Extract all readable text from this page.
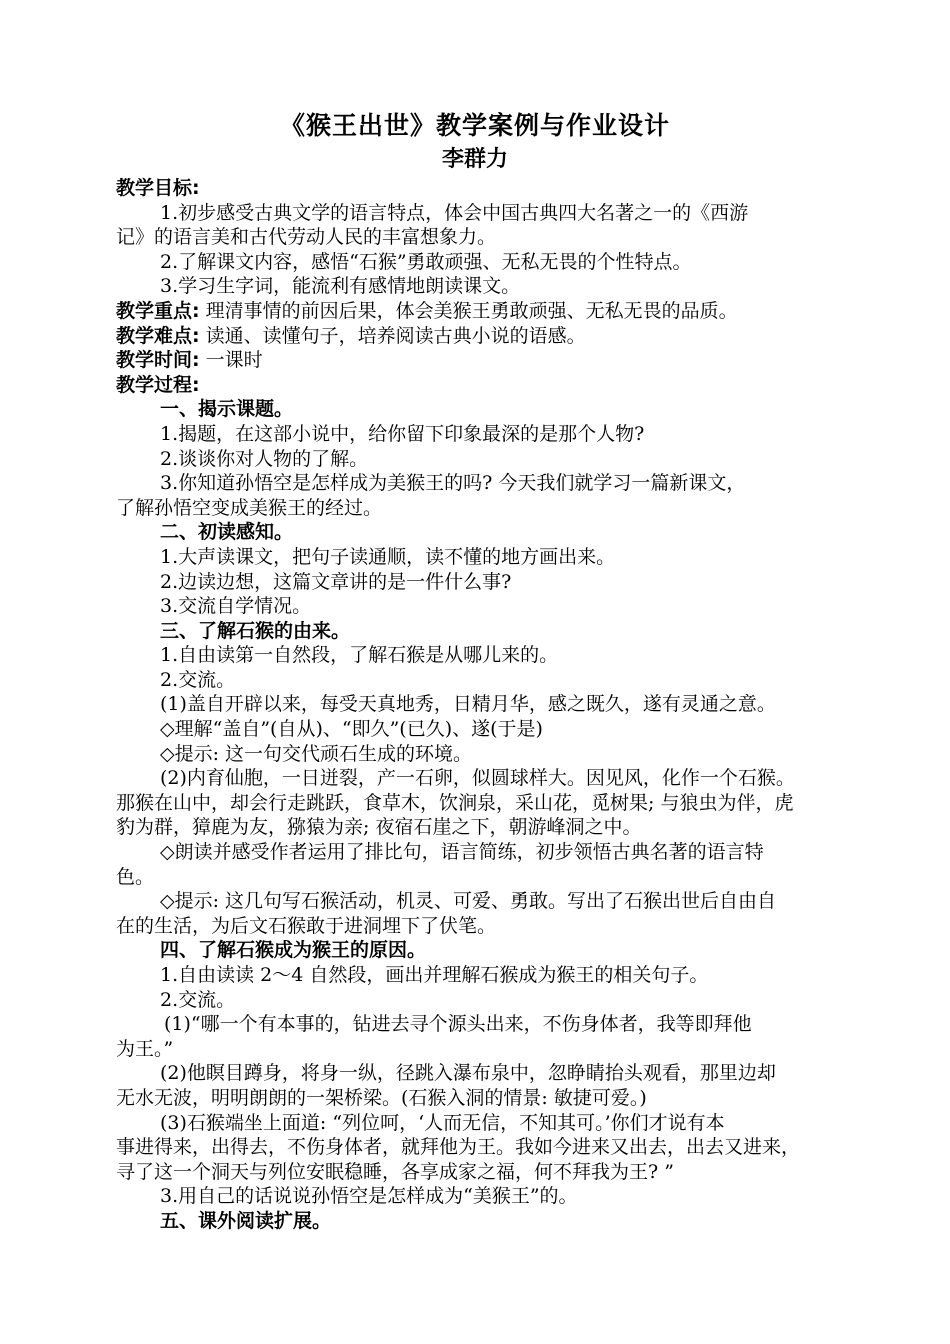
《猴王出世》教学案例与作业设计
李群力
教学目标:
1.初步感受古典文学的语言特点，体会中国古典四大名著之一的《西游
记》的语言美和古代劳动人民的丰富想象力。
2.了解课文内容，感悟“石猴”勇敢顽强、无私无畏的个性特点。
3.学习生字词，能流利有感情地朗读课文。
教学重点: 理清事情的前因后果，体会美猴王勇敢顽强、无私无畏的品质。
教学难点: 读通、读懂句子，培养阅读古典小说的语感。
教学时间: 一课时
教学过程:
一、揭示课题。
1.揭题，在这部小说中，给你留下印象最深的是那个人物?
2.谈谈你对人物的了解。
3.你知道孙悟空是怎样成为美猴王的吗? 今天我们就学习一篇新课文，
了解孙悟空变成美猴王的经过。
二、初读感知。
1.大声读课文，把句子读通顺，读不懂的地方画出来。
2.边读边想，这篇文章讲的是一件什么事?
3.交流自学情况。
三、了解石猴的由来。
1.自由读第一自然段，了解石猴是从哪儿来的。
2.交流。
(1)盖自开辟以来，每受天真地秀，日精月华，感之既久，遂有灵通之意。
◇理解“盖自”(自从)、“即久”(已久)、遂(于是)
◇提示: 这一句交代顽石生成的环境。
(2)内育仙胞，一日迸裂，产一石卵，似圆球样大。因见风，化作一个石猴。
那猴在山中，却会行走跳跃，食草木，饮涧泉，采山花，觅树果; 与狼虫为伴，虎
豹为群，獐鹿为友，猕猿为亲; 夜宿石崖之下，朝游峰洞之中。
◇朗读并感受作者运用了排比句，语言简练，初步领悟古典名著的语言特
色。
◇提示: 这几句写石猴活动，机灵、可爱、勇敢。写出了石猴出世后自由自
在的生活，为后文石猴敢于进洞埋下了伏笔。
四、了解石猴成为猴王的原因。
1.自由读读 2～4 自然段，画出并理解石猴成为猴王的相关句子。
2.交流。
(1)“哪一个有本事的，钻进去寻个源头出来，不伤身体者，我等即拜他
为王。”
(2)他瞑目蹲身，将身一纵，径跳入瀑布泉中，忽睁睛抬头观看，那里边却
无水无波，明明朗朗的一架桥梁。(石猴入洞的情景: 敏捷可爱。)
(3)石猴端坐上面道: “列位呵，‘人而无信，不知其可。’你们才说有本
事进得来，出得去，不伤身体者，就拜他为王。我如今进来又出去，出去又进来，
寻了这一个洞天与列位安眠稳睡，各享成家之福，何不拜我为王? ”
3.用自己的话说说孙悟空是怎样成为“美猴王”的。
五、课外阅读扩展。
